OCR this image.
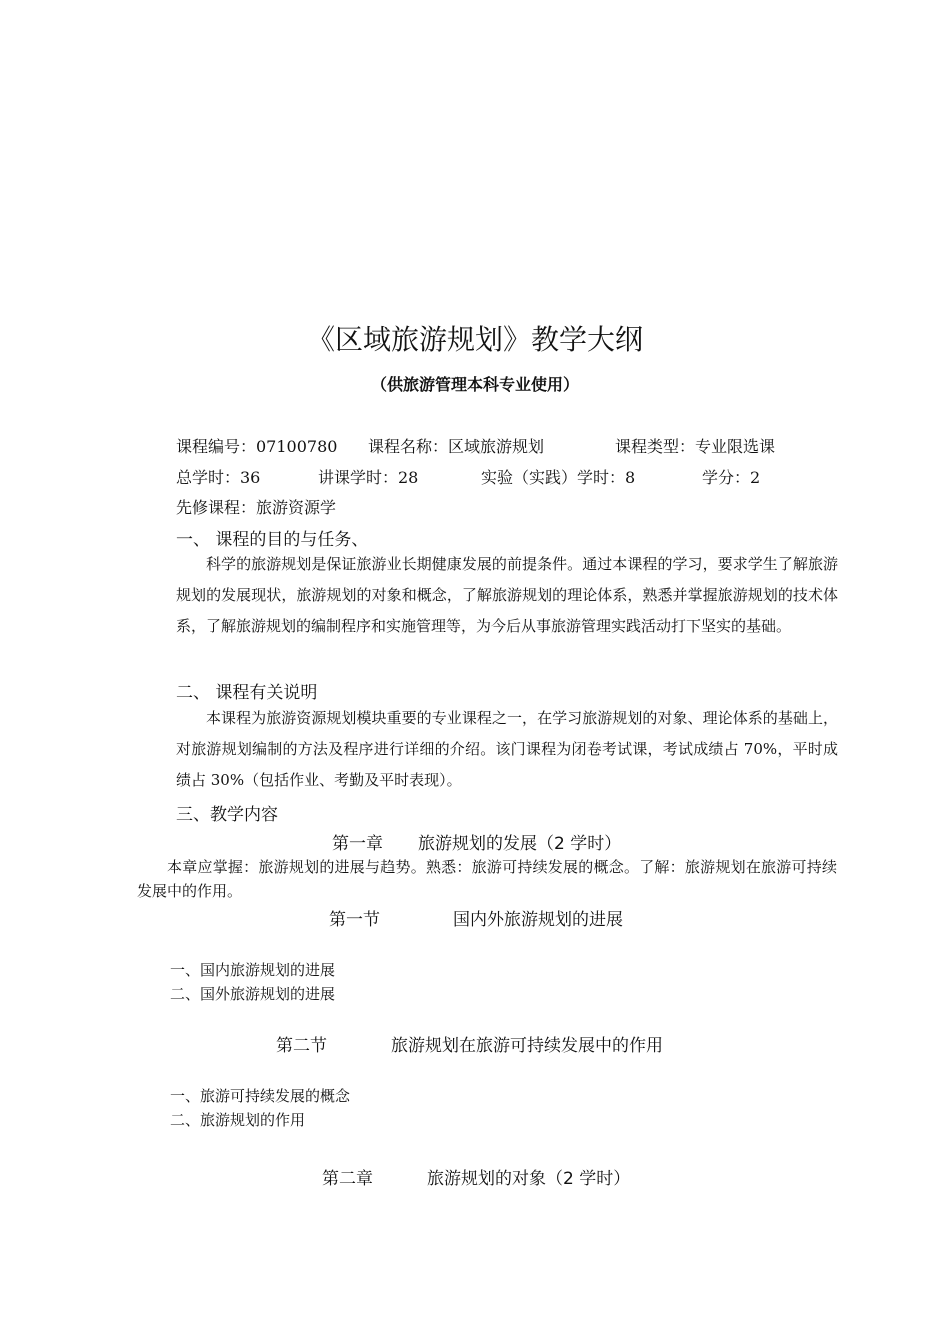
《区域旅游规划》教学大纲
（供旅游管理本科专业使用）
课程编号：07100780 课程名称：区域旅游规划	课程类型：专业限选课
总学时：36	讲课学时：28	实验（实践）学时：8	学分：2
先修课程：旅游资源学
一、 课程的目的与任务、
科学的旅游规划是保证旅游业长期健康发展的前提条件。通过本课程的学习，要求学生了解旅游规划的发展现状，旅游规划的对象和概念，了解旅游规划的理论体系，熟悉并掌握旅游规划的技术体系，了解旅游规划的编制程序和实施管理等，为今后从事旅游管理实践活动打下坚实的基础。
二、 课程有关说明
本课程为旅游资源规划模块重要的专业课程之一，在学习旅游规划的对象、理论体系的基础上，对旅游规划编制的方法及程序进行详细的介绍。该门课程为闭卷考试课，考试成绩占 70%，平时成绩占 30%（包括作业、考勤及平时表现）。
三、教学内容
第一章 旅游规划的发展（2 学时）
本章应掌握：旅游规划的进展与趋势。熟悉：旅游可持续发展的概念。了解：旅游规划在旅游可持续发展中的作用。
第一节	国内外旅游规划的进展
一、国内旅游规划的进展
二、国外旅游规划的进展
第二节	旅游规划在旅游可持续发展中的作用
一、旅游可持续发展的概念
二、旅游规划的作用
第二章	旅游规划的对象（2 学时）
